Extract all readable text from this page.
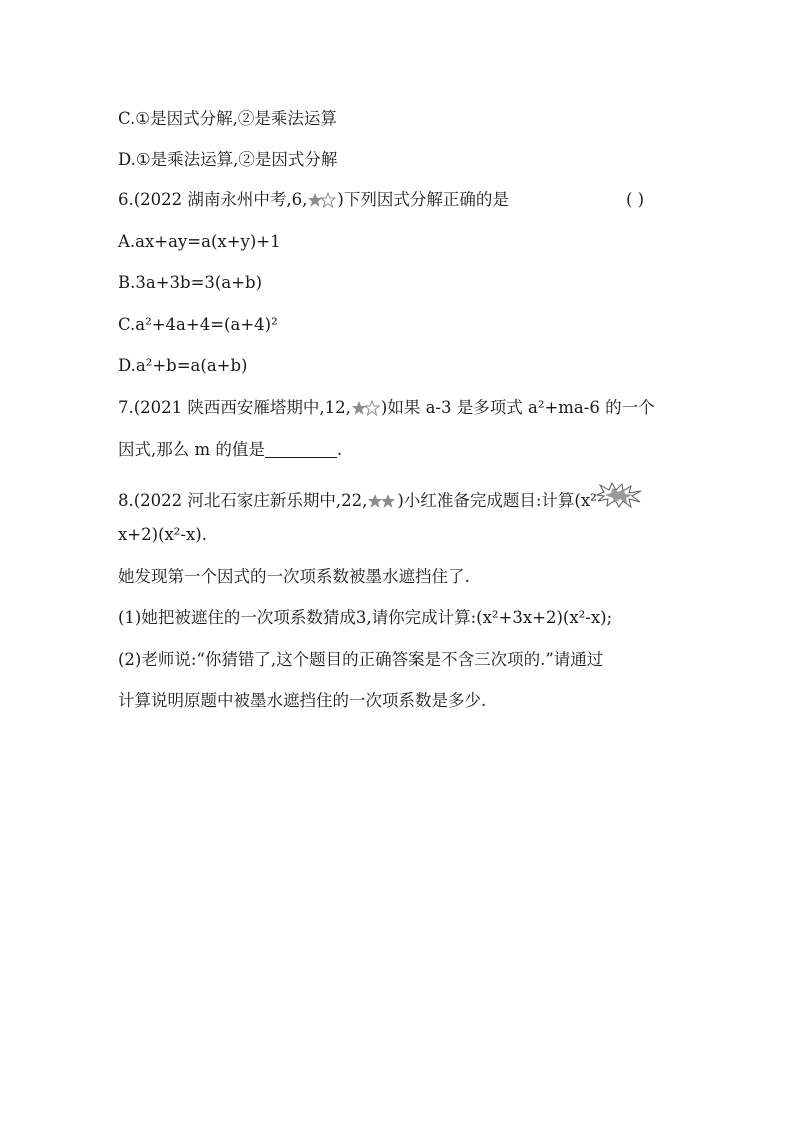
C.①是因式分解,②是乘法运算
D.①是乘法运算,②是因式分解
6.(2022 湖南永州中考,6, )下列因式分解正确的是	( )
A.ax+ay=a(x+y)+1
B.3a+3b=3(a+b)
C.a²+4a+4=(a+4)²
D.a²+b=a(a+b)
7.(2021 陕西西安雁塔期中,12, )如果 a-3 是多项式 a²+ma-6 的一个
因式,那么 m 的值是	.
8.(2022 河北石家庄新乐期中,22, )小红准备完成题目:计算(x²
x+2)(x²-x).
她发现第一个因式的一次项系数被墨水遮挡住了.
(1)她把被遮住的一次项系数猜成3,请你完成计算:(x²+3x+2)(x²-x);
(2)老师说:“你猜错了,这个题目的正确答案是不含三次项的.”请通过
计算说明原题中被墨水遮挡住的一次项系数是多少.
